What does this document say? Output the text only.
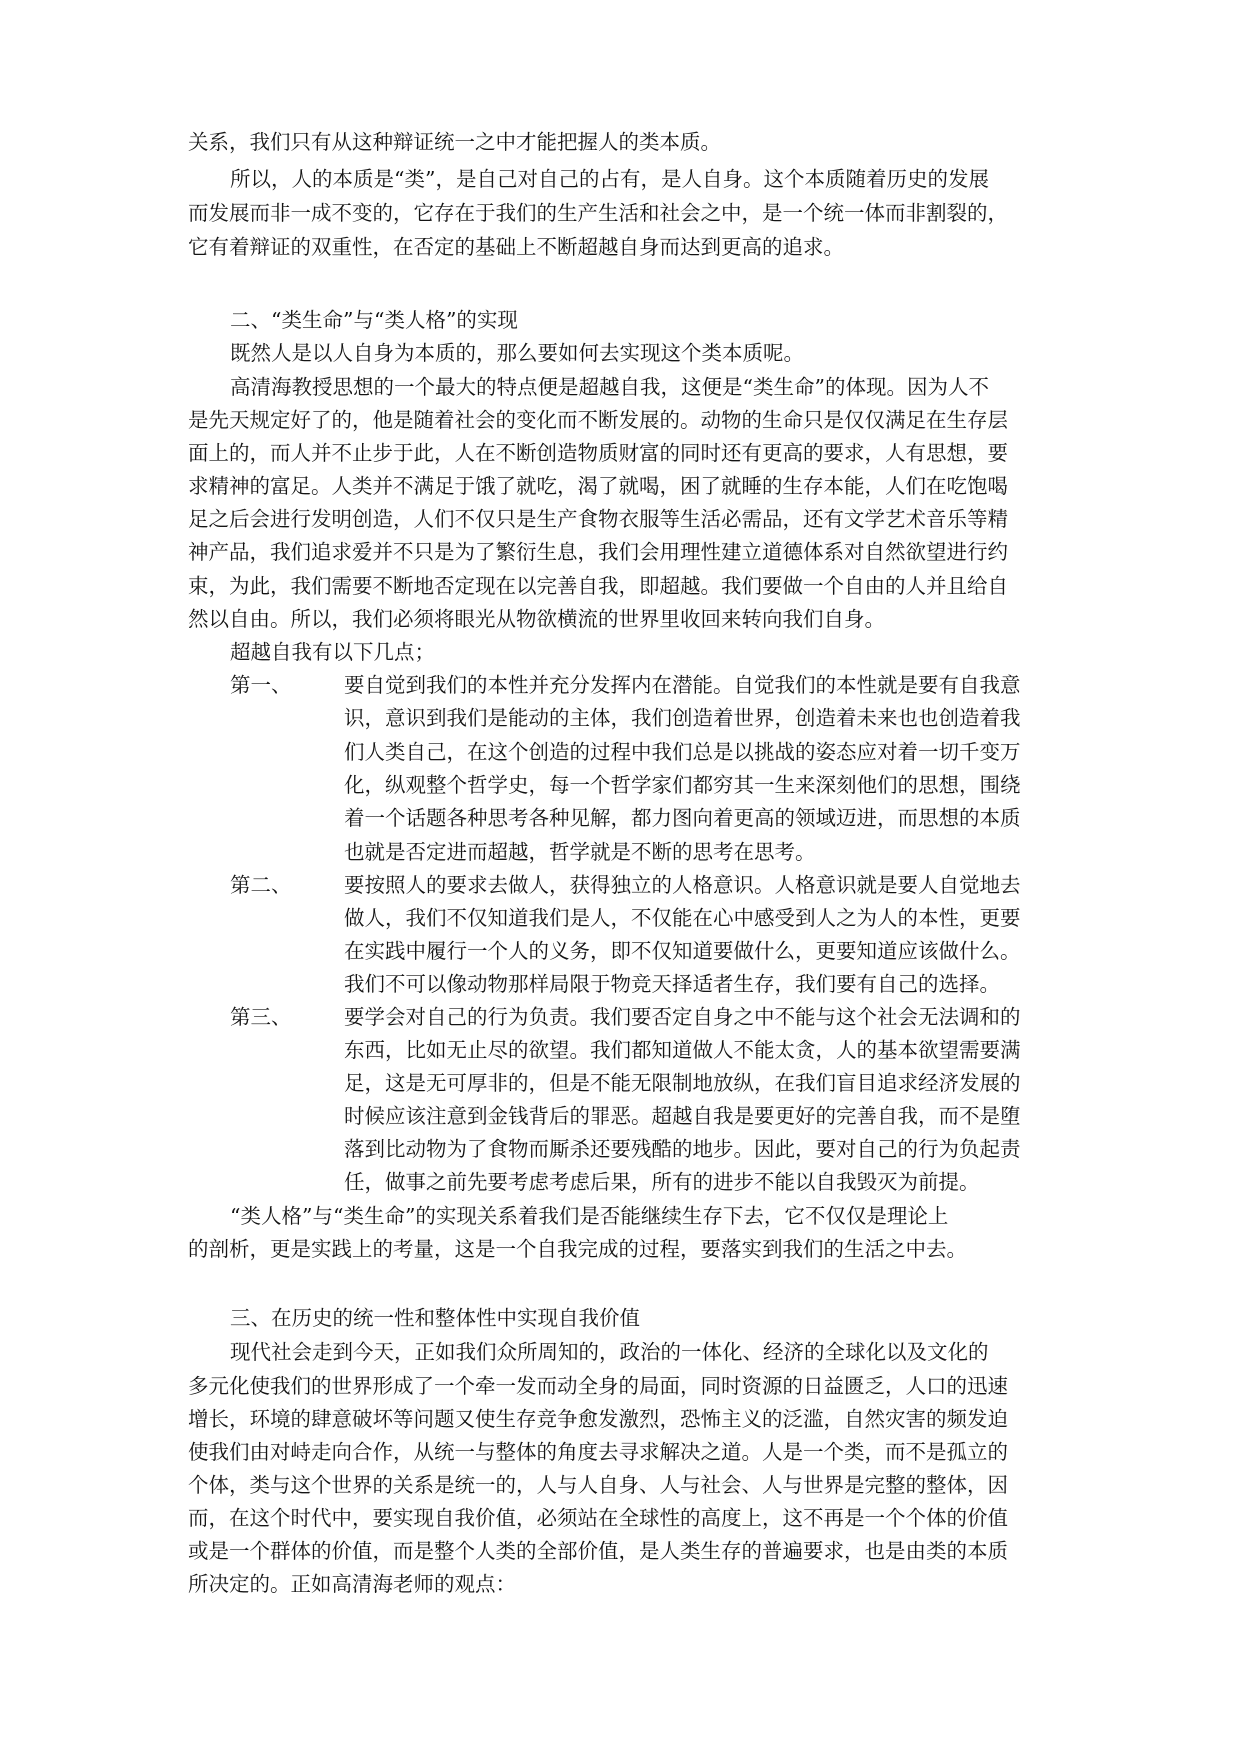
关系，我们只有从这种辩证统一之中才能把握人的类本质。
所以，人的本质是“类”，是自己对自己的占有，是人自身。这个本质随着历史的发展
而发展而非一成不变的，它存在于我们的生产生活和社会之中，是一个统一体而非割裂的，
它有着辩证的双重性，在否定的基础上不断超越自身而达到更高的追求。
二、“类生命”与“类人格”的实现
既然人是以人自身为本质的，那么要如何去实现这个类本质呢。
高清海教授思想的一个最大的特点便是超越自我，这便是“类生命”的体现。因为人不
是先天规定好了的，他是随着社会的变化而不断发展的。动物的生命只是仅仅满足在生存层
面上的，而人并不止步于此，人在不断创造物质财富的同时还有更高的要求，人有思想，要
求精神的富足。人类并不满足于饿了就吃，渴了就喝，困了就睡的生存本能，人们在吃饱喝
足之后会进行发明创造，人们不仅只是生产食物衣服等生活必需品，还有文学艺术音乐等精
神产品，我们追求爱并不只是为了繁衍生息，我们会用理性建立道德体系对自然欲望进行约
束，为此，我们需要不断地否定现在以完善自我，即超越。我们要做一个自由的人并且给自
然以自由。所以，我们必须将眼光从物欲横流的世界里收回来转向我们自身。
超越自我有以下几点；
第一、	要自觉到我们的本性并充分发挥内在潜能。自觉我们的本性就是要有自我意
识，意识到我们是能动的主体，我们创造着世界，创造着未来也也创造着我
们人类自己，在这个创造的过程中我们总是以挑战的姿态应对着一切千变万
化，纵观整个哲学史，每一个哲学家们都穷其一生来深刻他们的思想，围绕
着一个话题各种思考各种见解，都力图向着更高的领域迈进，而思想的本质
也就是否定进而超越，哲学就是不断的思考在思考。
第二、	要按照人的要求去做人，获得独立的人格意识。人格意识就是要人自觉地去
做人，我们不仅知道我们是人，不仅能在心中感受到人之为人的本性，更要
在实践中履行一个人的义务，即不仅知道要做什么，更要知道应该做什么。
我们不可以像动物那样局限于物竞天择适者生存，我们要有自己的选择。
第三、	要学会对自己的行为负责。我们要否定自身之中不能与这个社会无法调和的
东西，比如无止尽的欲望。我们都知道做人不能太贪，人的基本欲望需要满
足，这是无可厚非的，但是不能无限制地放纵，在我们盲目追求经济发展的
时候应该注意到金钱背后的罪恶。超越自我是要更好的完善自我，而不是堕
落到比动物为了食物而厮杀还要残酷的地步。因此，要对自己的行为负起责
任，做事之前先要考虑考虑后果，所有的进步不能以自我毁灭为前提。
“类人格”与“类生命”的实现关系着我们是否能继续生存下去，它不仅仅是理论上
的剖析，更是实践上的考量，这是一个自我完成的过程，要落实到我们的生活之中去。
三、在历史的统一性和整体性中实现自我价值
现代社会走到今天，正如我们众所周知的，政治的一体化、经济的全球化以及文化的
多元化使我们的世界形成了一个牵一发而动全身的局面，同时资源的日益匮乏，人口的迅速
增长，环境的肆意破坏等问题又使生存竞争愈发激烈，恐怖主义的泛滥，自然灾害的频发迫
使我们由对峙走向合作，从统一与整体的角度去寻求解决之道。人是一个类，而不是孤立的
个体，类与这个世界的关系是统一的，人与人自身、人与社会、人与世界是完整的整体，因
而，在这个时代中，要实现自我价值，必须站在全球性的高度上，这不再是一个个体的价值
或是一个群体的价值，而是整个人类的全部价值，是人类生存的普遍要求，也是由类的本质
所决定的。正如高清海老师的观点：
